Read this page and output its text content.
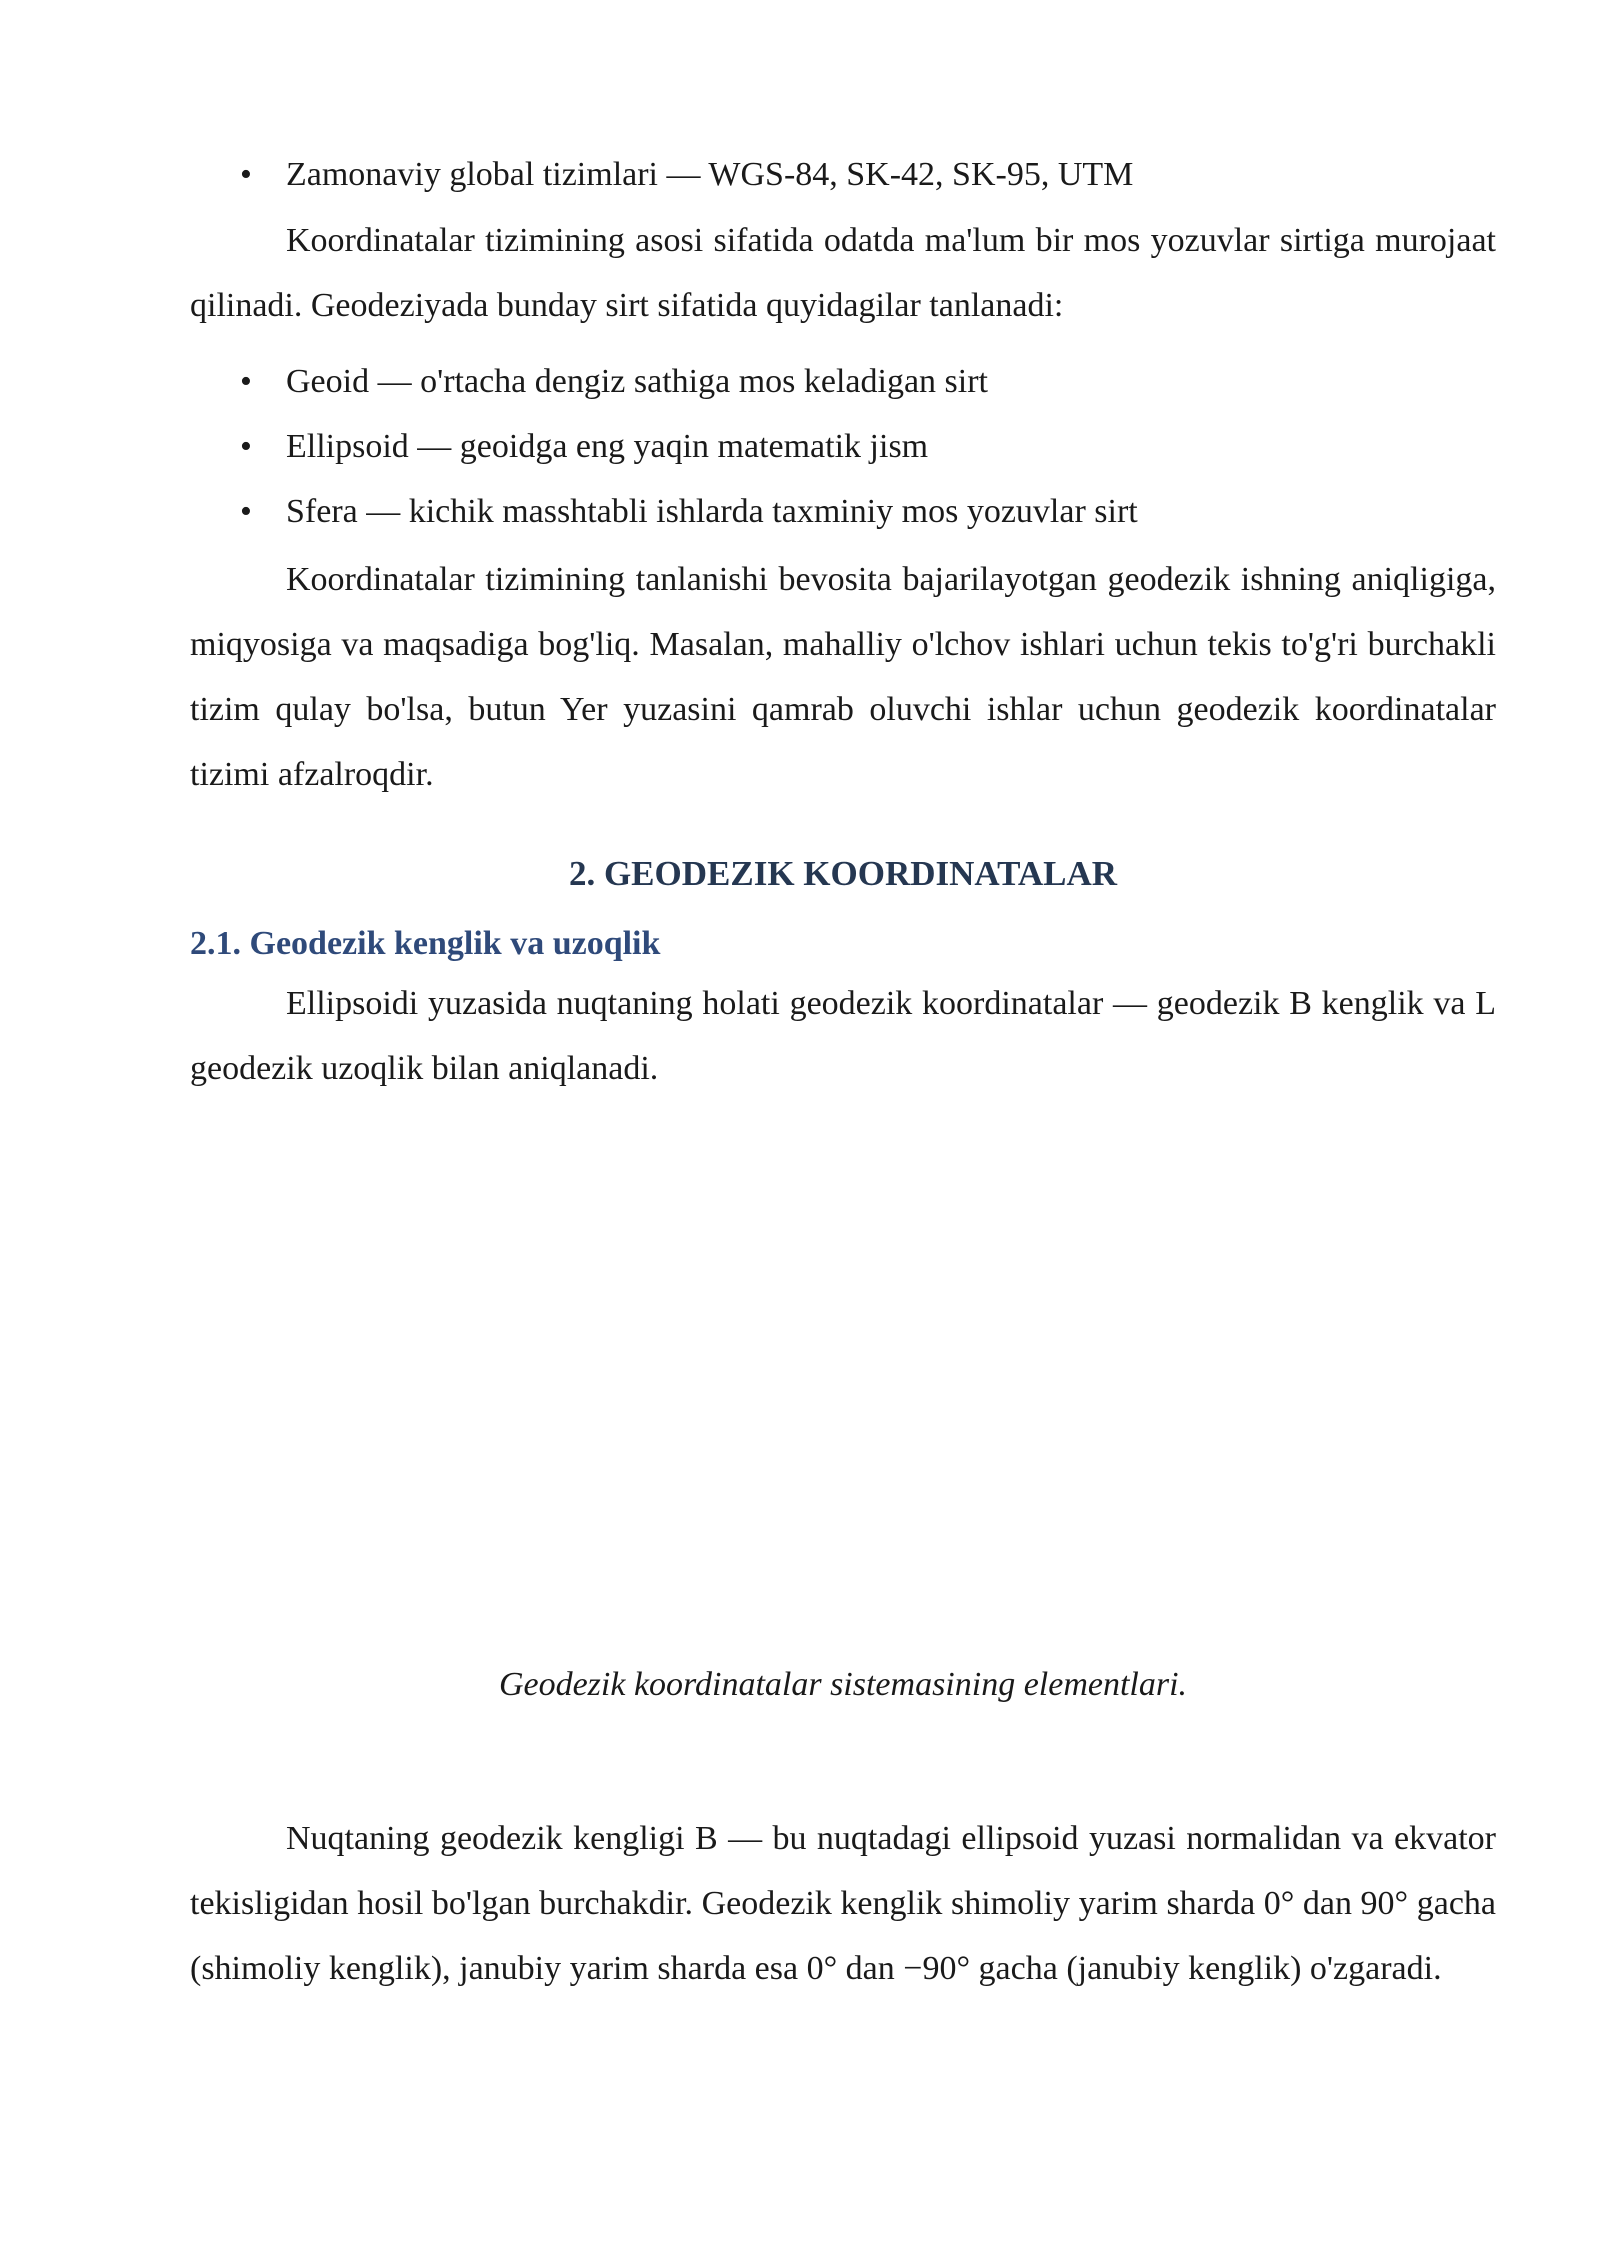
• Zamonaviy global tizimlari — WGS-84, SK-42, SK-95, UTM

Koordinatalar tizimining asosi sifatida odatda ma'lum bir mos yozuvlar sirtiga murojaat qilinadi. Geodeziyada bunday sirt sifatida quyidagilar tanlanadi:

• Geoid — o'rtacha dengiz sathiga mos keladigan sirt
• Ellipsoid — geoidga eng yaqin matematik jism
• Sfera — kichik masshtabli ishlarda taxminiy mos yozuvlar sirt

Koordinatalar tizimining tanlanishi bevosita bajarilayotgan geodezik ishning aniqligiga, miqyosiga va maqsadiga bog'liq. Masalan, mahalliy o'lchov ishlari uchun tekis to'g'ri burchakli tizim qulay bo'lsa, butun Yer yuzasini qamrab oluvchi ishlar uchun geodezik koordinatalar tizimi afzalroqdir.

2. GEODEZIK KOORDINATALAR
2.1. Geodezik kenglik va uzoqlik

Ellipsoidi yuzasida nuqtaning holati geodezik koordinatalar — geodezik B kenglik va L geodezik uzoqlik bilan aniqlanadi.

Geodezik koordinatalar sistemasining elementlari.

Nuqtaning geodezik kengligi B — bu nuqtadagi ellipsoid yuzasi normalidan va ekvator tekisligidan hosil bo'lgan burchakdir. Geodezik kenglik shimoliy yarim sharda 0° dan 90° gacha (shimoliy kenglik), janubiy yarim sharda esa 0° dan −90° gacha (janubiy kenglik) o'zgaradi.
